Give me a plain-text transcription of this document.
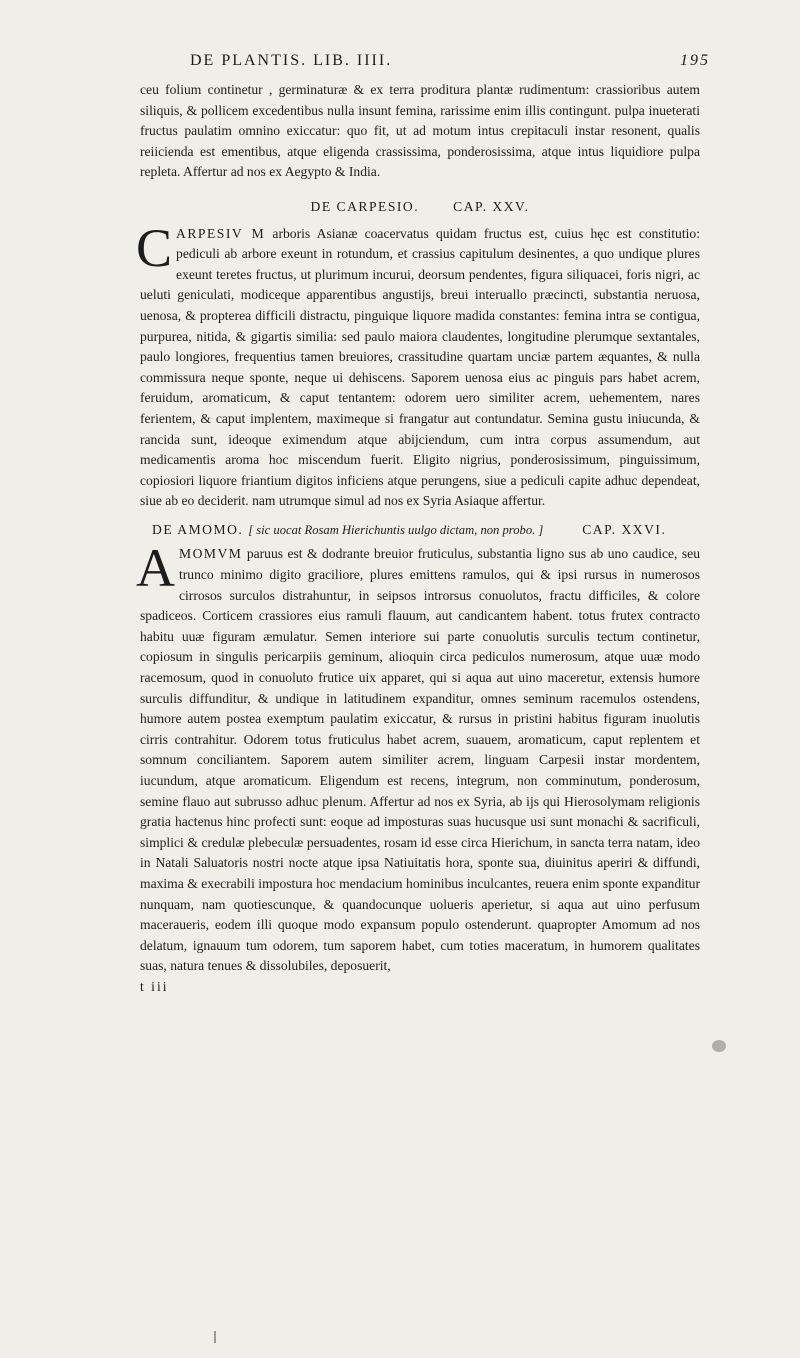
DE PLANTIS. LIB. IIII.	195

ceu folium continetur , germinaturæ & ex terra proditura plantæ rudimentum: crassioribus autem siliquis, & pollicem excedentibus nulla insunt femina, rarissime enim illis contingunt. pulpa inueterati fructus paulatim omnino exiccatur: quo fit, ut ad motum intus crepitaculi instar resonent, qualis reiicienda est ementibus, atque eligenda crassissima, ponderosissima, atque intus liquidiore pulpa repleta. Affertur ad nos ex Aegypto & India.

DE CARPESIO.	CAP. XXV.

CARPESIV M arboris Asianæ coacervatus quidam fructus est, cuius hęc est constitutio: pediculi ab arbore exeunt in rotundum, et crassius capitulum desinentes, a quo undique plures exeunt teretes fructus, ut plurimum incurui, deorsum pendentes, figura siliquacei, foris nigri, ac ueluti geniculati, modiceque apparentibus angustijs, breui interuallo præcincti, substantia neruosa, uenosa, & propterea difficili distractu, pinguique liquore madida constantes: femina intra se contigua, purpurea, nitida, & gigartis similia: sed paulo maiora claudentes, longitudine plerumque sextantales, paulo longiores, frequentius tamen breuiores, crassitudine quartam unciæ partem æquantes, & nulla commissura neque sponte, neque ui dehiscens. Saporem uenosa eius ac pinguis pars habet acrem, feruidum, aromaticum, & caput tentantem: odorem uero similiter acrem, uehementem, nares ferientem, & caput implentem, maximeque si frangatur aut contundatur. Semina gustu iniucunda, & rancida sunt, ideoque eximendum atque abijciendum, cum intra corpus assumendum, aut medicamentis aroma hoc miscendum fuerit. Eligito nigrius, ponderosissimum, pinguissimum, copiosiori liquore friantium digitos inficiens atque perungens, siue a pediculi capite adhuc dependeat, siue ab eo deciderit. nam utrumque simul ad nos ex Syria Asiaque affertur.

DE AMOMO. [ sic uocat Rosam Hierichuntis uulgo dictam, non probo. ]	CAP. XXVI.

AMOMVM paruus est & dodrante breuior fruticulus, substantia ligno sus ab uno caudice, seu trunco minimo digito graciliore, plures emittens ramulos, qui & ipsi rursus in numerosos cirrosos surculos distrahuntur, in seipsos introrsus conuolutos, fractu difficiles, & colore spadiceos. Corticem crassiores eius ramuli flauum, aut candicantem habent. totus frutex contracto habitu uuæ figuram æmulatur. Semen interiore sui parte conuolutis surculis tectum continetur, copiosum in singulis pericarpiis geminum, alioquin circa pediculos numerosum, atque uuæ modo racemosum, quod in conuoluto frutice uix apparet, qui si aqua aut uino maceretur, extensis humore surculis diffunditur, & undique in latitudinem expanditur, omnes seminum racemulos ostendens, humore autem postea exemptum paulatim exiccatur, & rursus in pristini habitus figuram inuolutis cirris contrahitur. Odorem totus fruticulus habet acrem, suauem, aromaticum, caput replentem et somnum conciliantem. Saporem autem similiter acrem, linguam Carpesii instar mordentem, iucundum, atque aromaticum. Eligendum est recens, integrum, non comminutum, ponderosum, semine flauo aut subrusso adhuc plenum. Affertur ad nos ex Syria, ab ijs qui Hierosolymam religionis gratia hactenus hinc profecti sunt: eoque ad imposturas suas hucusque usi sunt monachi & sacrificuli, simplici & credulæ plebeculæ persuadentes, rosam id esse circa Hierichum, in sancta terra natam, ideo in Natali Saluatoris nostri nocte atque ipsa Natiuitatis hora, sponte sua, diuinitus aperiri & diffundi, maxima & execrabili impostura hoc mendacium hominibus inculcantes, reuera enim sponte expanditur nunquam, nam quotiescunque, & quandocunque uolueris aperietur, si aqua aut uino perfusum maceraueris, eodem illi quoque modo expansum populo ostenderunt. quapropter Amomum ad nos delatum, ignauum tum odorem, tum saporem habet, cum toties maceratum, in humorem qualitates suas, natura tenues & dissolubiles, deposuerit,

t iii
